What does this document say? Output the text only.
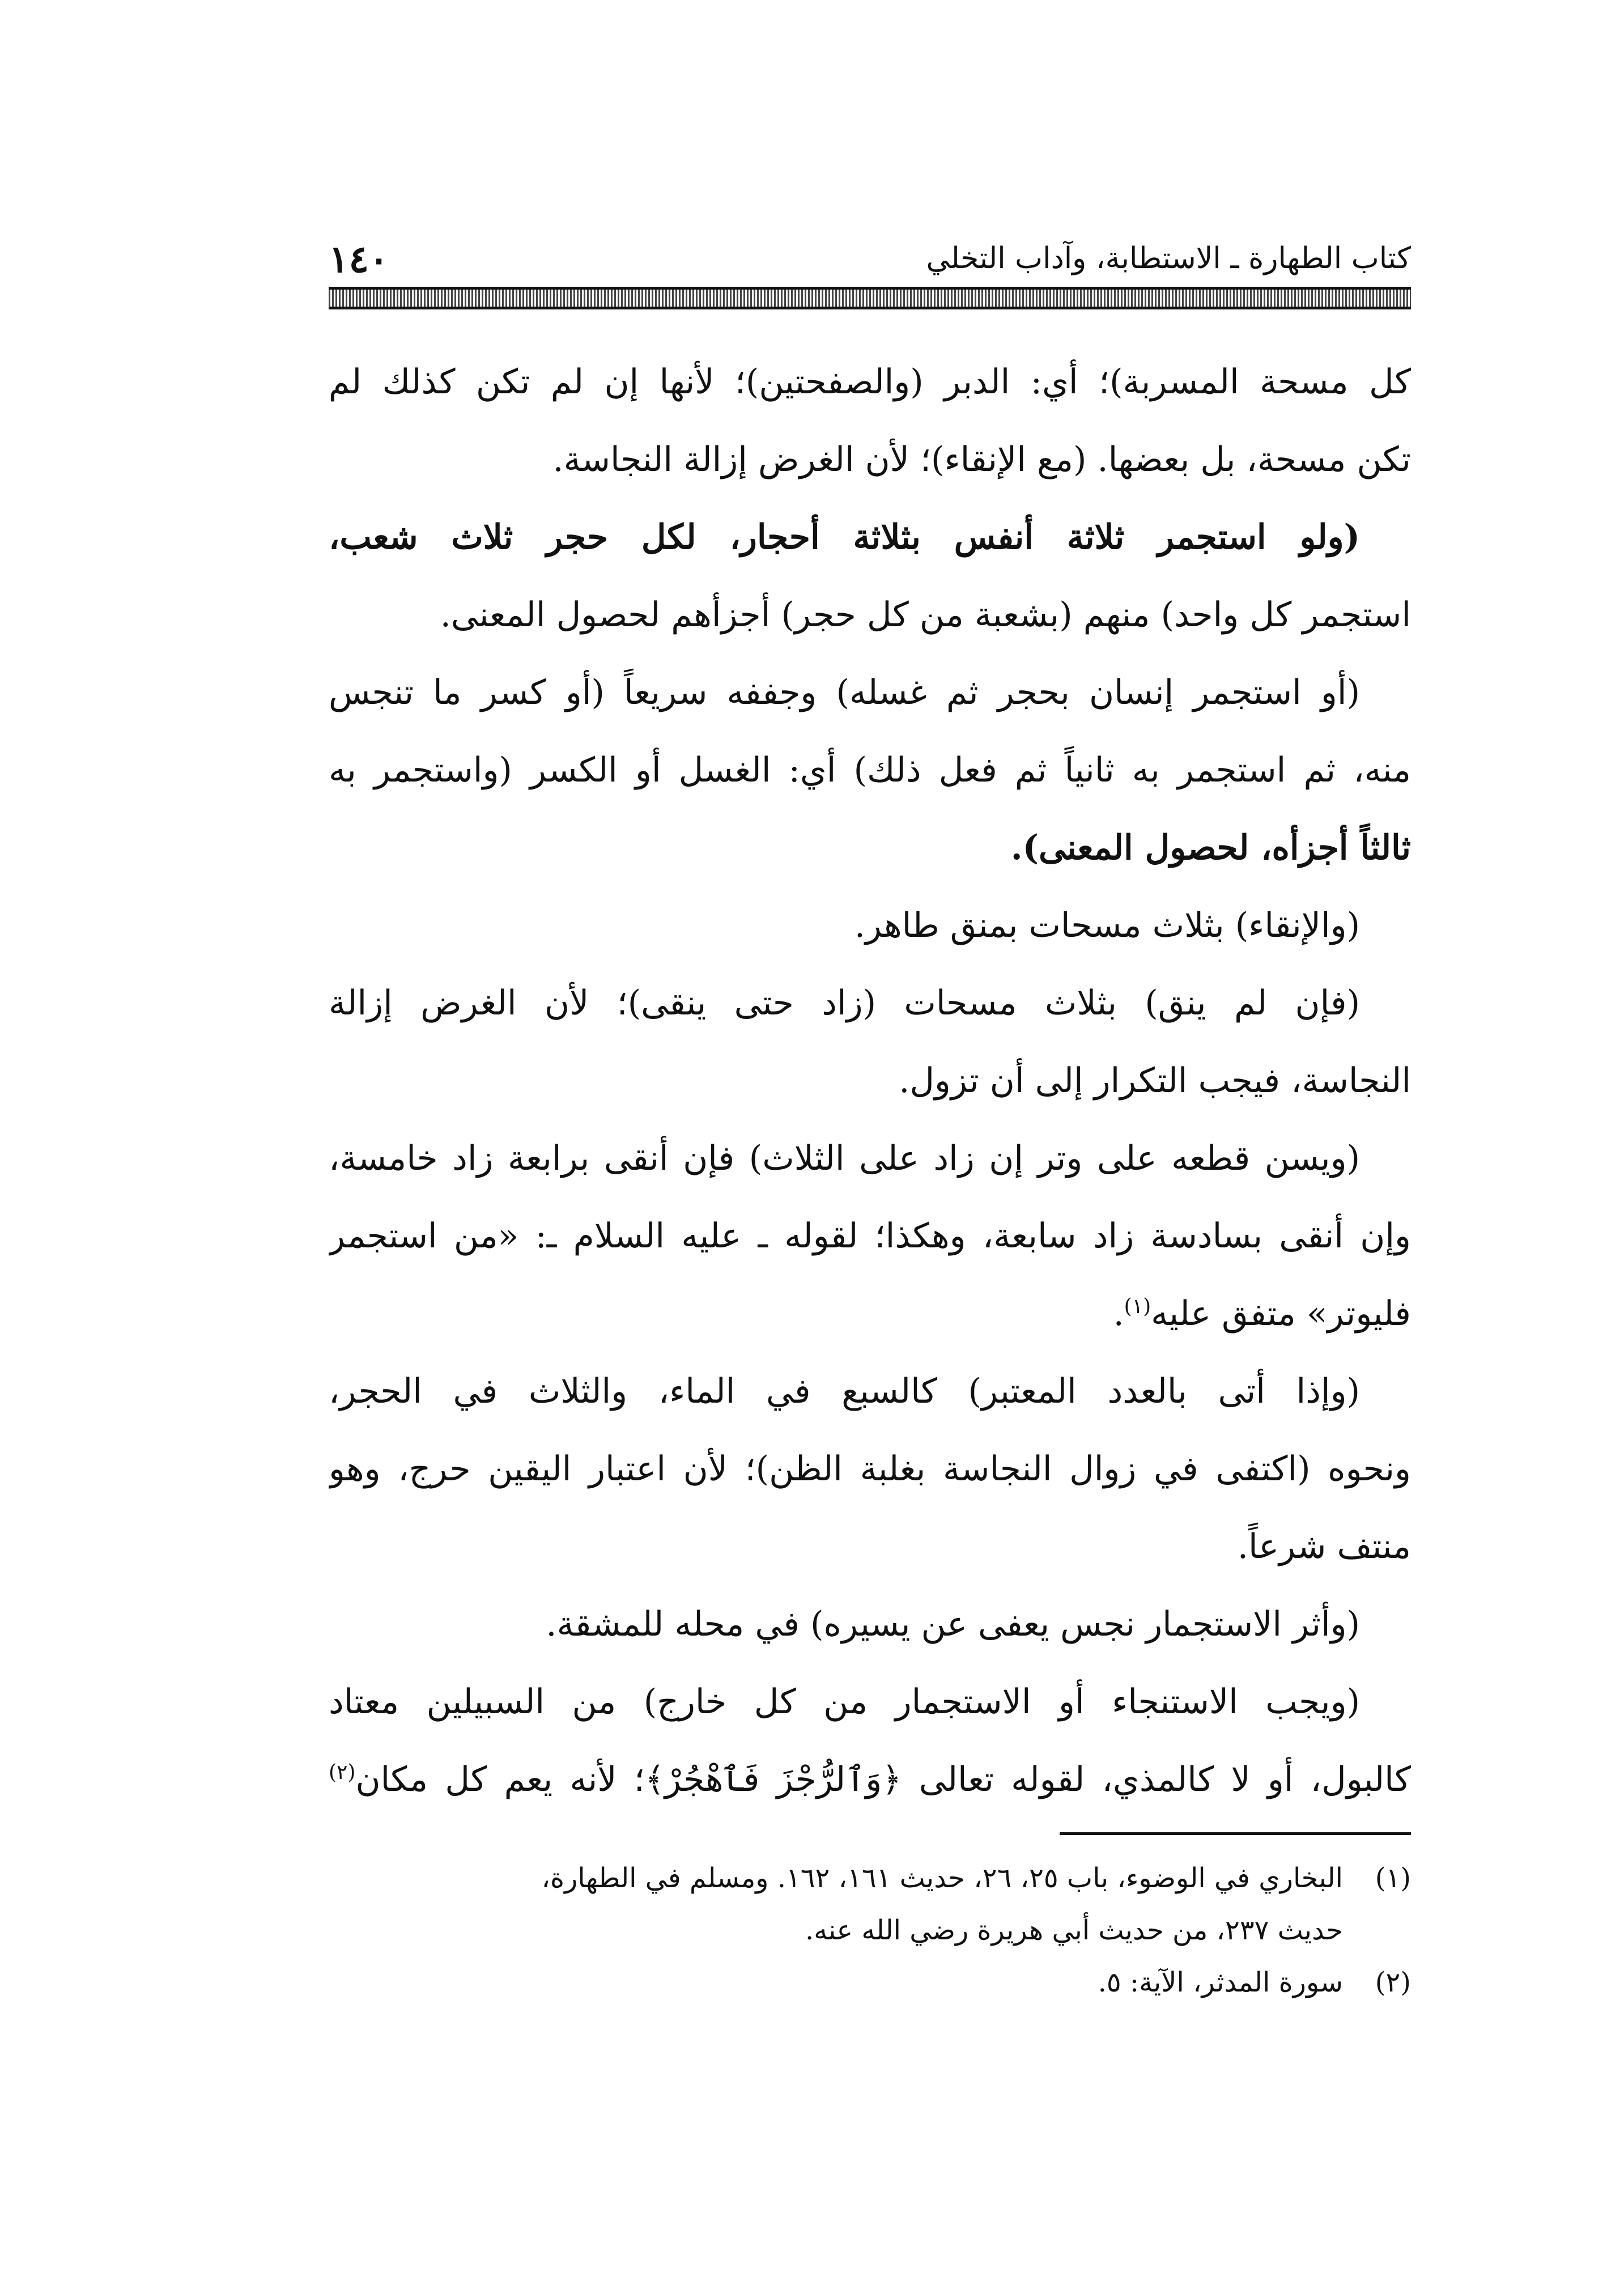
كتاب الطهارة ـ الاستطابة، وآداب التخلي
١٤٠
كل مسحة المسربة)؛ أي: الدبر (والصفحتين)؛ لأنها إن لم تكن كذلك لم
تكن مسحة، بل بعضها. (مع الإنقاء)؛ لأن الغرض إزالة النجاسة.
(ولو استجمر ثلاثة أنفس بثلاثة أحجار، لكل حجر ثلاث شعب،
استجمر كل واحد) منهم (بشعبة من كل حجر) أجزأهم لحصول المعنى.
(أو استجمر إنسان بحجر ثم غسله) وجففه سريعاً (أو كسر ما تنجس
منه، ثم استجمر به ثانياً ثم فعل ذلك) أي: الغسل أو الكسر (واستجمر به
ثالثاً أجزأه، لحصول المعنى).
(والإنقاء) بثلاث مسحات بمنق طاهر.
(فإن لم ينق) بثلاث مسحات (زاد حتى ينقى)؛ لأن الغرض إزالة
النجاسة، فيجب التكرار إلى أن تزول.
(ويسن قطعه على وتر إن زاد على الثلاث) فإن أنقى برابعة زاد خامسة،
وإن أنقى بسادسة زاد سابعة، وهكذا؛ لقوله ـ عليه السلام ـ: «من استجمر
فليوتر» متفق عليه$^{(١)}$.
(وإذا أتى بالعدد المعتبر) كالسبع في الماء، والثلاث في الحجر،
ونحوه (اكتفى في زوال النجاسة بغلبة الظن)؛ لأن اعتبار اليقين حرج، وهو
منتف شرعاً.
(وأثر الاستجمار نجس يعفى عن يسيره) في محله للمشقة.
(ويجب الاستنجاء أو الاستجمار من كل خارج) من السبيلين معتاد
كالبول، أو لا كالمذي، لقوله تعالى ﴿وَٱلرُّجْزَ فَٱهْجُرْ﴾؛ لأنه يعم كل مكان$^{(٢)}$
(١)
البخاري في الوضوء، باب ٢٥، ٢٦، حديث ١٦١، ١٦٢. ومسلم في الطهارة،
حديث ٢٣٧، من حديث أبي هريرة رضي الله عنه.
(٢)
سورة المدثر، الآية: ٥.
